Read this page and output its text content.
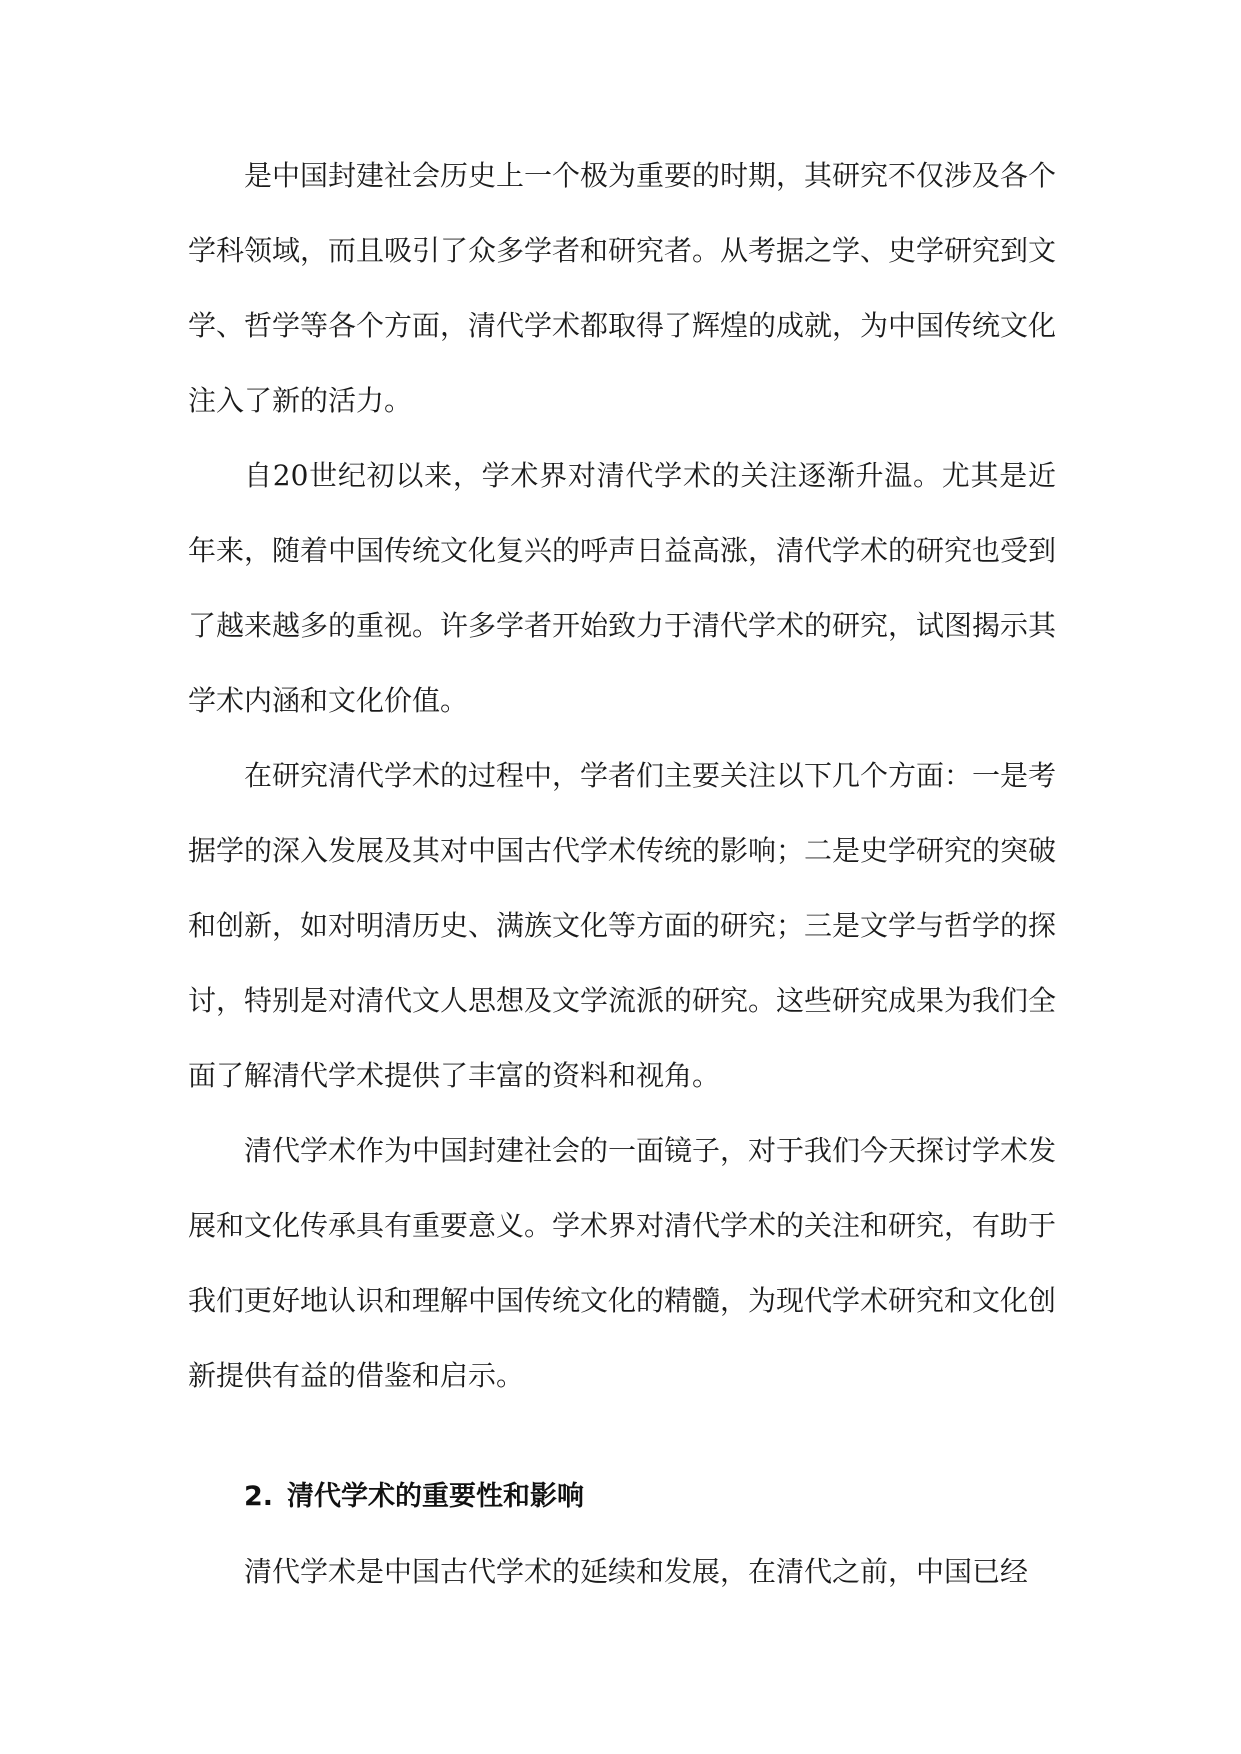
是中国封建社会历史上一个极为重要的时期，其研究不仅涉及各个学科领域，而且吸引了众多学者和研究者。从考据之学、史学研究到文学、哲学等各个方面，清代学术都取得了辉煌的成就，为中国传统文化注入了新的活力。

自20世纪初以来，学术界对清代学术的关注逐渐升温。尤其是近年来，随着中国传统文化复兴的呼声日益高涨，清代学术的研究也受到了越来越多的重视。许多学者开始致力于清代学术的研究，试图揭示其学术内涵和文化价值。

在研究清代学术的过程中，学者们主要关注以下几个方面：一是考据学的深入发展及其对中国古代学术传统的影响；二是史学研究的突破和创新，如对明清历史、满族文化等方面的研究；三是文学与哲学的探讨，特别是对清代文人思想及文学流派的研究。这些研究成果为我们全面了解清代学术提供了丰富的资料和视角。

清代学术作为中国封建社会的一面镜子，对于我们今天探讨学术发展和文化传承具有重要意义。学术界对清代学术的关注和研究，有助于我们更好地认识和理解中国传统文化的精髓，为现代学术研究和文化创新提供有益的借鉴和启示。

2. 清代学术的重要性和影响

清代学术是中国古代学术的延续和发展，在清代之前，中国已经
